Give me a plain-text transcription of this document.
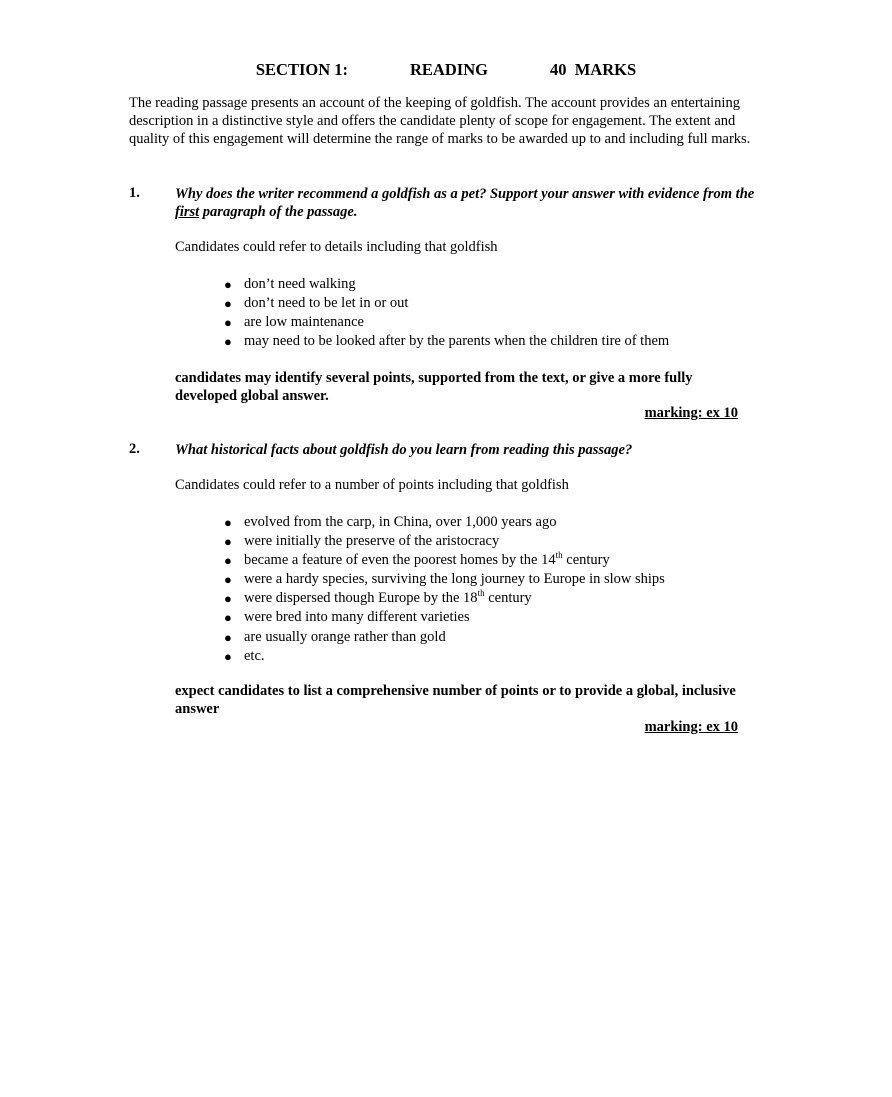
SECTION 1:	READING	40  MARKS

The reading passage presents an account of the keeping of goldfish. The account provides an entertaining description in a distinctive style and offers the candidate plenty of scope for engagement. The extent and quality of this engagement will determine the range of marks to be awarded up to and including full marks.

1. Why does the writer recommend a goldfish as a pet? Support your answer with evidence from the first paragraph of the passage.

Candidates could refer to details including that goldfish

● don’t need walking
● don’t need to be let in or out
● are low maintenance
● may need to be looked after by the parents when the children tire of them

candidates may identify several points, supported from the text, or give a more fully developed global answer.

marking: ex 10
2. What historical facts about goldfish do you learn from reading this passage?

Candidates could refer to a number of points including that goldfish

● evolved from the carp, in China, over 1,000 years ago
● were initially the preserve of the aristocracy
● became a feature of even the poorest homes by the 14th century
● were a hardy species, surviving the long journey to Europe in slow ships
● were dispersed though Europe by the 18th century
● were bred into many different varieties
● are usually orange rather than gold
● etc.

expect candidates to list a comprehensive number of points or to provide a global, inclusive answer

marking: ex 10
